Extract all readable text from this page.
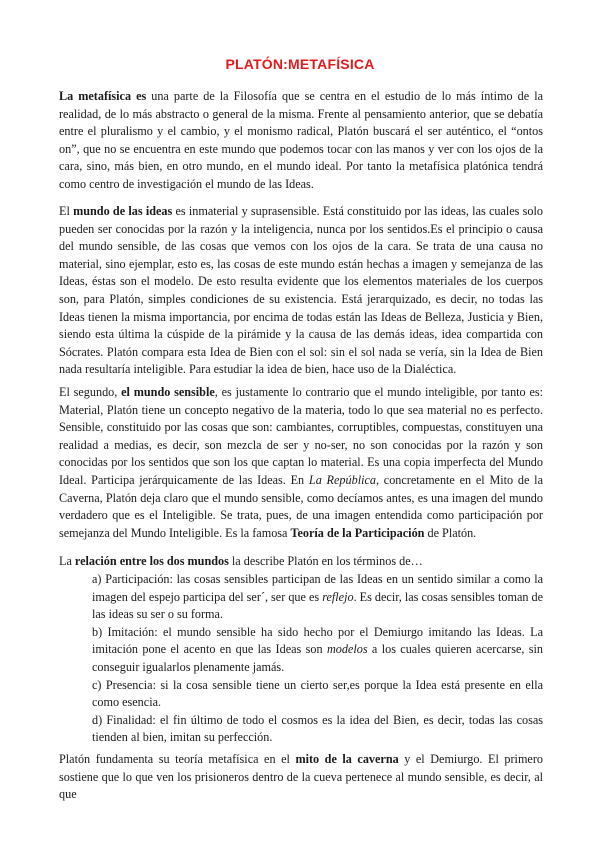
PLATÓN:METAFÍSICA

La metafísica es una parte de la Filosofía que se centra en el estudio de lo más íntimo de la realidad, de lo más abstracto o general de la misma. Frente al pensamiento anterior, que se debatía entre el pluralismo y el cambio, y el monismo radical, Platón buscará el ser auténtico, el “ontos on”, que no se encuentra en este mundo que podemos tocar con las manos y ver con los ojos de la cara, sino, más bien, en otro mundo, en el mundo ideal. Por tanto la metafísica platónica tendrá como centro de investigación el mundo de las Ideas.

El mundo de las ideas es inmaterial y suprasensible. Está constituido por las ideas, las cuales solo pueden ser conocidas por la razón y la inteligencia, nunca por los sentidos.Es el principio o causa del mundo sensible, de las cosas que vemos con los ojos de la cara. Se trata de una causa no material, sino ejemplar, esto es, las cosas de este mundo están hechas a imagen y semejanza de las Ideas, éstas son el modelo. De esto resulta evidente que los elementos materiales de los cuerpos son, para Platón, simples condiciones de su existencia. Está jerarquizado, es decir, no todas las Ideas tienen la misma importancia, por encima de todas están las Ideas de Belleza, Justicia y Bien, siendo esta última la cúspide de la pirámide y la causa de las demás ideas, idea compartida con Sócrates. Platón compara esta Idea de Bien con el sol: sin el sol nada se vería, sin la Idea de Bien nada resultaría inteligible. Para estudiar la idea de bien, hace uso de la Dialéctica.

El segundo, el mundo sensible, es justamente lo contrario que el mundo inteligible, por tanto es: Material, Platón tiene un concepto negativo de la materia, todo lo que sea material no es perfecto. Sensible, constituido por las cosas que son: cambiantes, corruptibles, compuestas, constituyen una realidad a medias, es decir, son mezcla de ser y no-ser, no son conocidas por la razón y son conocidas por los sentidos que son los que captan lo material. Es una copia imperfecta del Mundo Ideal. Participa jerárquicamente de las Ideas. En La República, concretamente en el Mito de la Caverna, Platón deja claro que el mundo sensible, como decíamos antes, es una imagen del mundo verdadero que es el Inteligible. Se trata, pues, de una imagen entendida como participación por semejanza del Mundo Inteligible. Es la famosa Teoría de la Participación de Platón.

La relación entre los dos mundos la describe Platón en los términos de…

a) Participación: las cosas sensibles participan de las Ideas en un sentido similar a como la imagen del espejo participa del ser´, ser que es reflejo. Es decir, las cosas sensibles toman de las ideas su ser o su forma.
b) Imitación: el mundo sensible ha sido hecho por el Demiurgo imitando las Ideas. La imitación pone el acento en que las Ideas son modelos a los cuales quieren acercarse, sin conseguir igualarlos plenamente jamás.
c) Presencia: si la cosa sensible tiene un cierto ser,es porque la Idea está presente en ella como esencia.
d) Finalidad: el fin último de todo el cosmos es la idea del Bien, es decir, todas las cosas tienden al bien, imitan su perfección.

Platón fundamenta su teoría metafísica en el mito de la caverna y el Demiurgo. El primero sostiene que lo que ven los prisioneros dentro de la cueva pertenece al mundo sensible, es decir, al que
